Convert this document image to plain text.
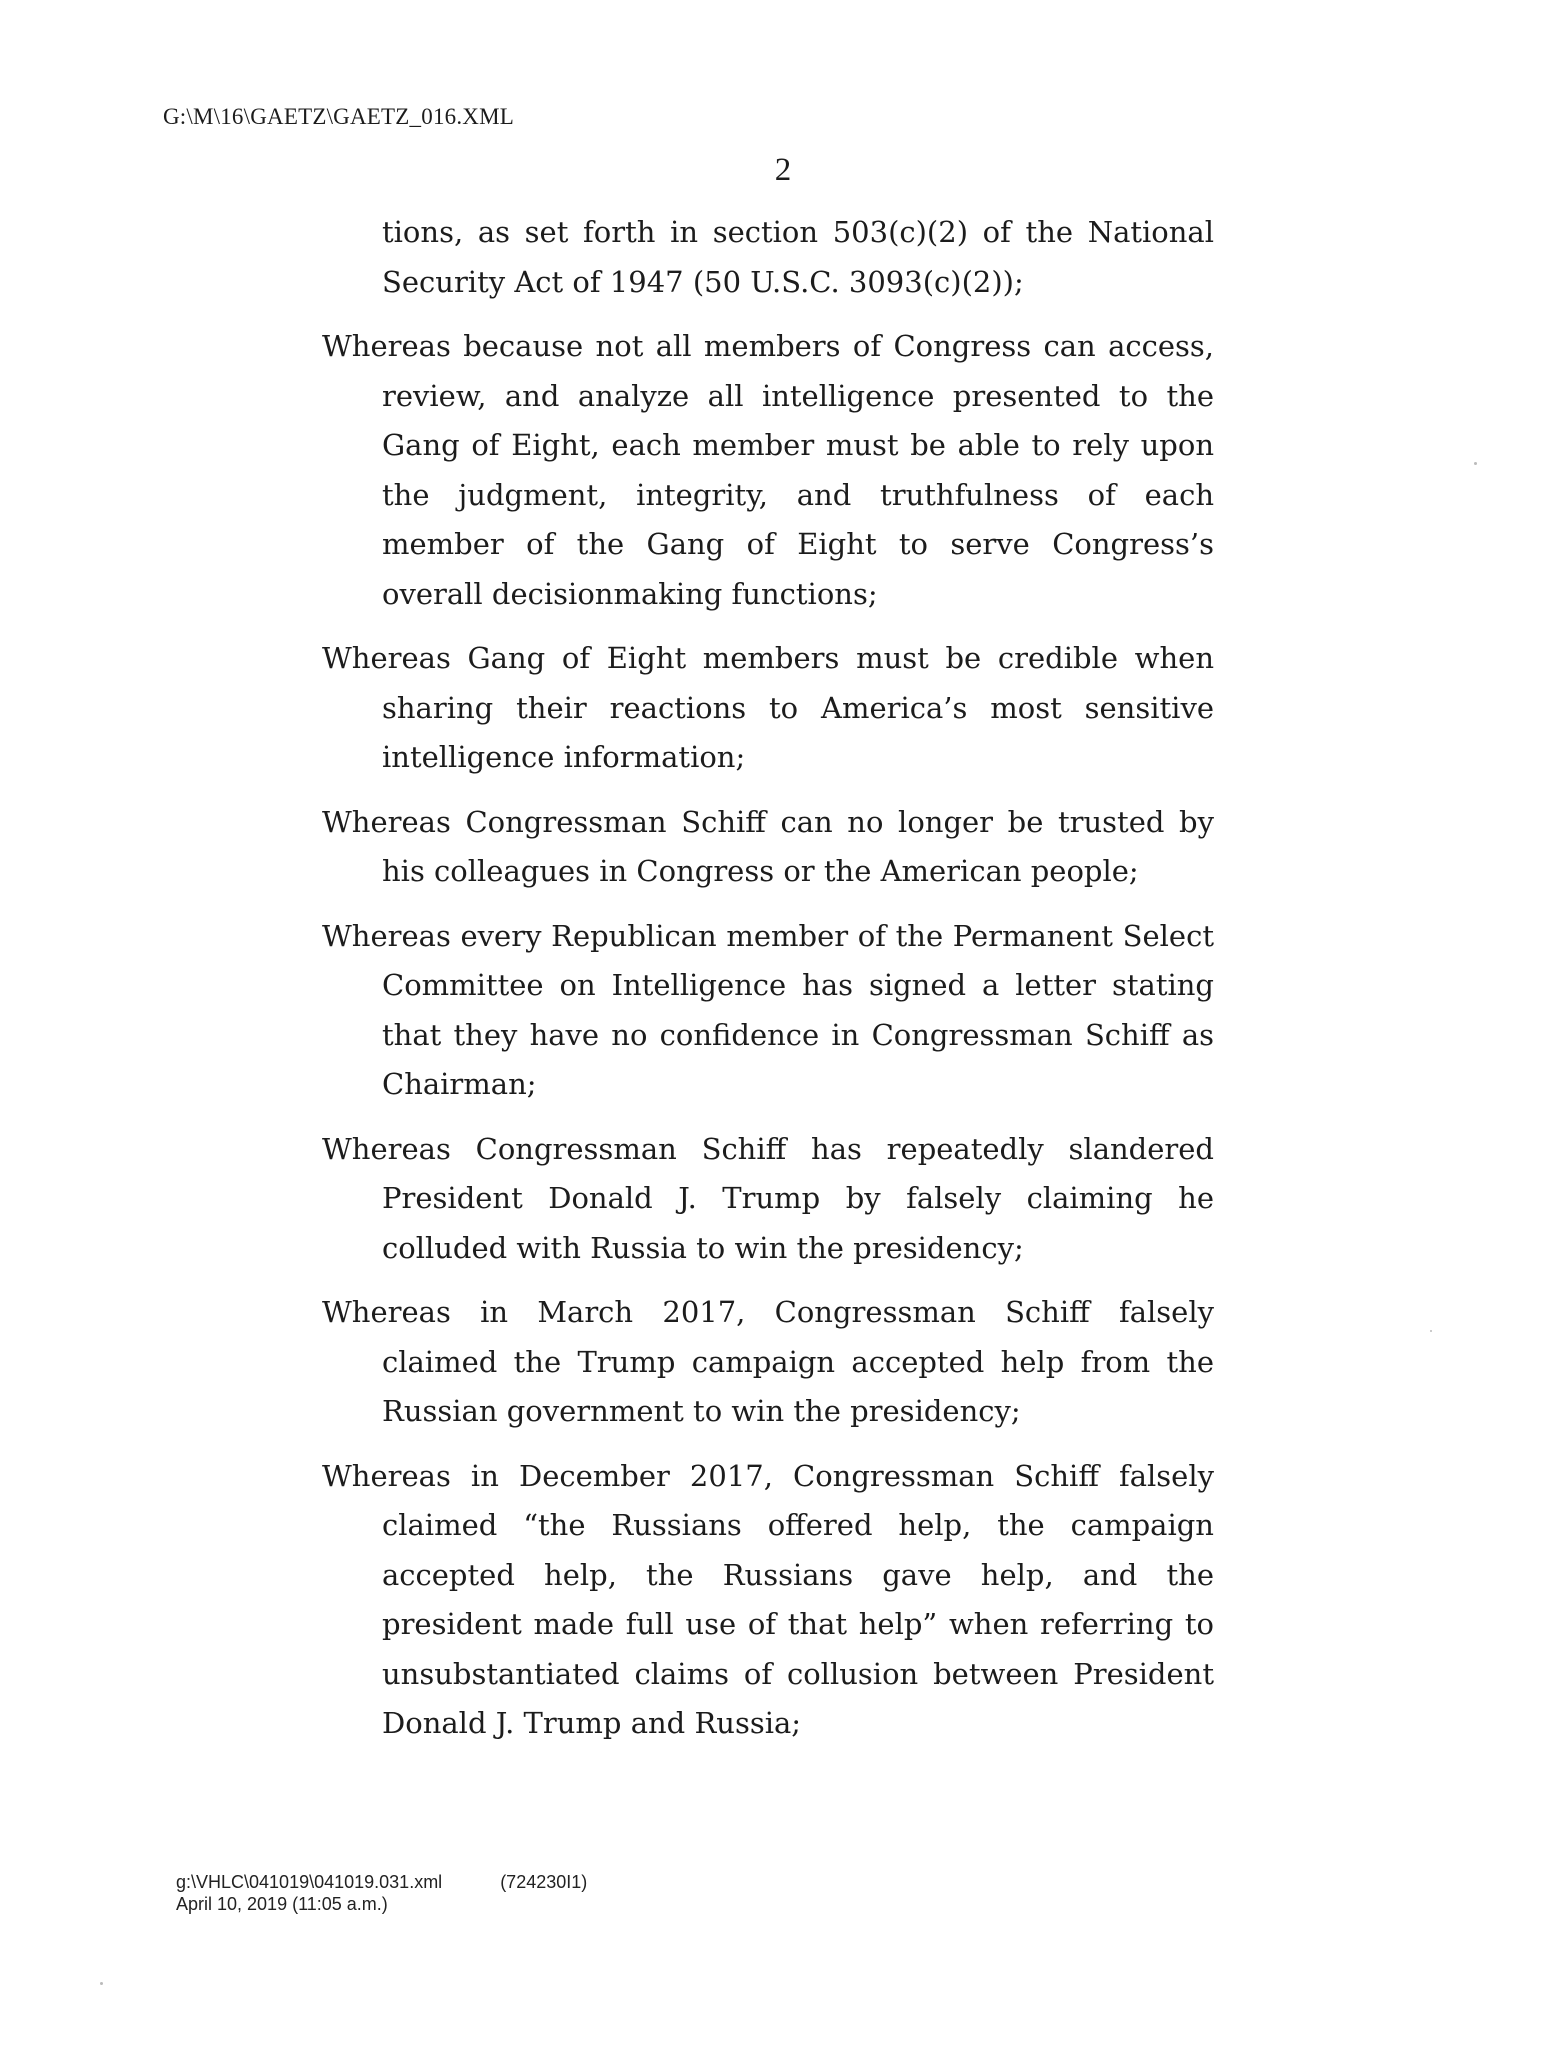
G:\M\16\GAETZ\GAETZ_016.XML
2

tions, as set forth in section 503(c)(2) of the National Security Act of 1947 (50 U.S.C. 3093(c)(2));

Whereas because not all members of Congress can access, review, and analyze all intelligence presented to the Gang of Eight, each member must be able to rely upon the judgment, integrity, and truthfulness of each member of the Gang of Eight to serve Congress’s overall decisionmaking functions;

Whereas Gang of Eight members must be credible when sharing their reactions to America’s most sensitive intelligence information;

Whereas Congressman Schiff can no longer be trusted by his colleagues in Congress or the American people;

Whereas every Republican member of the Permanent Select Committee on Intelligence has signed a letter stating that they have no confidence in Congressman Schiff as Chairman;

Whereas Congressman Schiff has repeatedly slandered President Donald J. Trump by falsely claiming he colluded with Russia to win the presidency;

Whereas in March 2017, Congressman Schiff falsely claimed the Trump campaign accepted help from the Russian government to win the presidency;

Whereas in December 2017, Congressman Schiff falsely claimed “the Russians offered help, the campaign accepted help, the Russians gave help, and the president made full use of that help” when referring to unsubstantiated claims of collusion between President Donald J. Trump and Russia;

g:\VHLC\041019\041019.031.xml	(724230I1)
April 10, 2019 (11:05 a.m.)
